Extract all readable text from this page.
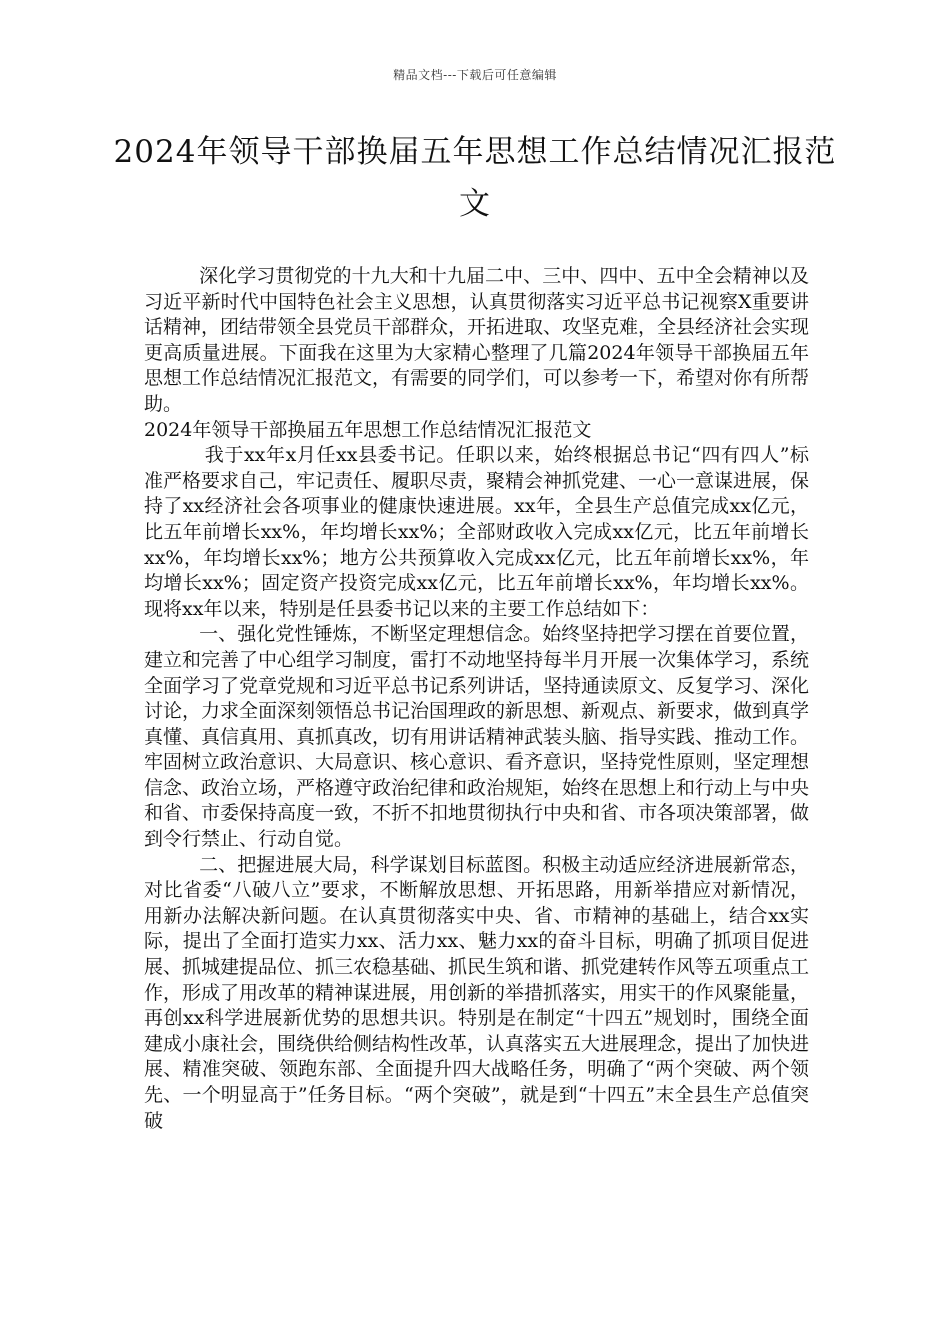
精品文档---下载后可任意编辑
2024年领导干部换届五年思想工作总结情况汇报范文

深化学习贯彻党的十九大和十九届二中、三中、四中、五中全会精神以及习近平新时代中国特色社会主义思想，认真贯彻落实习近平总书记视察X重要讲话精神，团结带领全县党员干部群众，开拓进取、攻坚克难，全县经济社会实现更高质量进展。下面我在这里为大家精心整理了几篇2024年领导干部换届五年思想工作总结情况汇报范文，有需要的同学们，可以参考一下，希望对你有所帮助。

2024年领导干部换届五年思想工作总结情况汇报范文

我于xx年x月任xx县委书记。任职以来，始终根据总书记“四有四人”标准严格要求自己，牢记责任、履职尽责，聚精会神抓党建、一心一意谋进展，保持了xx经济社会各项事业的健康快速进展。xx年，全县生产总值完成xx亿元，比五年前增长xx%，年均增长xx%；全部财政收入完成xx亿元，比五年前增长xx%，年均增长xx%；地方公共预算收入完成xx亿元，比五年前增长xx%，年均增长xx%；固定资产投资完成xx亿元，比五年前增长xx%，年均增长xx%。现将xx年以来，特别是任县委书记以来的主要工作总结如下：

一、强化党性锤炼，不断坚定理想信念。始终坚持把学习摆在首要位置，建立和完善了中心组学习制度，雷打不动地坚持每半月开展一次集体学习，系统全面学习了党章党规和习近平总书记系列讲话，坚持通读原文、反复学习、深化讨论，力求全面深刻领悟总书记治国理政的新思想、新观点、新要求，做到真学真懂、真信真用、真抓真改，切有用讲话精神武装头脑、指导实践、推动工作。牢固树立政治意识、大局意识、核心意识、看齐意识，坚持党性原则，坚定理想信念、政治立场，严格遵守政治纪律和政治规矩，始终在思想上和行动上与中央和省、市委保持高度一致，不折不扣地贯彻执行中央和省、市各项决策部署，做到令行禁止、行动自觉。

二、把握进展大局，科学谋划目标蓝图。积极主动适应经济进展新常态，对比省委“八破八立”要求，不断解放思想、开拓思路，用新举措应对新情况，用新办法解决新问题。在认真贯彻落实中央、省、市精神的基础上，结合xx实际，提出了全面打造实力xx、活力xx、魅力xx的奋斗目标，明确了抓项目促进展、抓城建提品位、抓三农稳基础、抓民生筑和谐、抓党建转作风等五项重点工作，形成了用改革的精神谋进展，用创新的举措抓落实，用实干的作风聚能量，再创xx科学进展新优势的思想共识。特别是在制定“十四五”规划时，围绕全面建成小康社会，围绕供给侧结构性改革，认真落实五大进展理念，提出了加快进展、精准突破、领跑东部、全面提升四大战略任务，明确了“两个突破、两个领先、一个明显高于”任务目标。“两个突破”，就是到“十四五”末全县生产总值突破
